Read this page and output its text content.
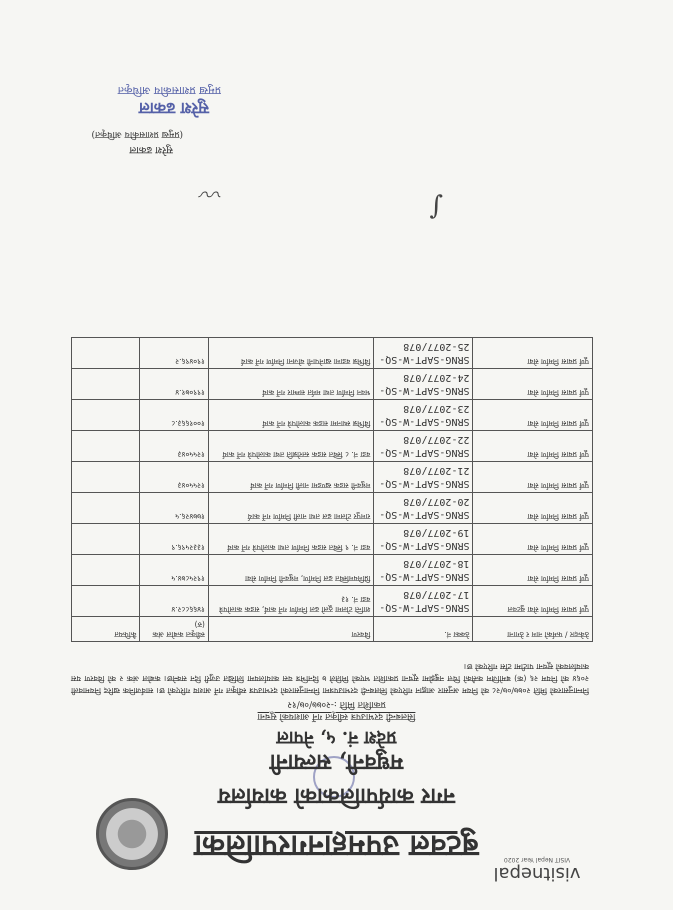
visitnepal
VISIT Nepal Year 2020
बुटवल उपमहानगरपालिका
नगर कार्यपालिकाको कार्यालय
मधुवनी, सल्यानी
प्रदेश नं. ५, नेपाल
सिलबन्दी दरभाउपत्र स्वीकृत गर्ने आशयको सूचना
प्रकाशित मिति :-२०७७/०७/१२
निम्नानुसारको मिति २०७७/०७/२८ को नियम अनुसार आह्वान गरिएको सिलबन्दी दरभाउपत्रमा निम्नानुसारको दरभाउपत्र स्वीकृत गर्ने आशय गरिएको छ। सार्वजनिक खरिद नियमावली २०६४ को नियम २६ (क) बमोजिम कसैको चित्त नबुझेमा सूचना प्रकाशित भएको मितिले ७ दिनभित्र यस कार्यालयमा लिखित उजुरी दिन सक्नेछ। कबोल अंक २ को विवरण यस कार्यालयको सूचना पाटीमा टाँस गरिएको छ।
ठेकेदार / फर्मको नाम र ठेगाना	ठेक्का नं.	विवरण	स्वीकृत कबोल अंक (रु)	कैफियत
पूर्ण प्रयास निर्माण सेवा बुटवल	SRNG-SAPT-W-SQ-17-2077/078	शान्ति टोलमा ठूलो ढल निर्माण गर्ने कार्य, सडक कालोपत्रे वडा नं. १३	१४६६८८२.४	
पूर्ण प्रयास निर्माण सेवा	SRNG-SAPT-W-SQ-18-2077/078	प्रिमियमस्थित ढल निर्माण, मधुवनी निर्माण सेवा	१९२५८७४.५	
पूर्ण प्रयास निर्माण सेवा	SRNG-SAPT-W-SQ-19-2077/078	वडा नं. ९ स्थित सडक निर्माण तथा कालोपत्रे गर्ने कार्य	१३३२५९६.९	
पूर्ण प्रयास निर्माण सेवा	SRNG-SAPT-W-SQ-20-2077/078	रामपुर टोलमा ढल तथा नाली निर्माण गर्ने कार्य	१७७४२६.५	
पूर्ण प्रयास निर्माण सेवा	SRNG-SAPT-W-SQ-21-2077/078	मधुवनी सडक खण्डमा नाली निर्माण गर्ने कार्य	१२५५०४३	
पूर्ण प्रयास निर्माण सेवा	SRNG-SAPT-W-SQ-22-2077/078	वडा नं. ८ स्थित सडक स्तरोन्नति तथा कालोपत्रे गर्ने कार्य	१२५५०४३	
पूर्ण प्रयास निर्माण सेवा	SRNG-SAPT-W-SQ-23-2077/078	विभिन्न स्थानमा सडक कालोपत्रे गर्ने कार्य	१००१६६३.८	
पूर्ण प्रयास निर्माण सेवा	SRNG-SAPT-W-SQ-24-2077/078	भवन निर्माण तथा मर्मत सम्भार गर्ने कार्य	१९९०७१.४	
पूर्ण प्रयास निर्माण सेवा	SRNG-SAPT-W-SQ-25-2077/078	विभिन्न वडामा खानेपानी योजना निर्माण गर्ने कार्य	१९०४९६.२	
〰︎	∫
सुरेश ढकाल
(प्रमुख प्रशासकीय अधिकृत)
सुरेश ढकाल
प्रमुख प्रशासकीय अधिकृत
